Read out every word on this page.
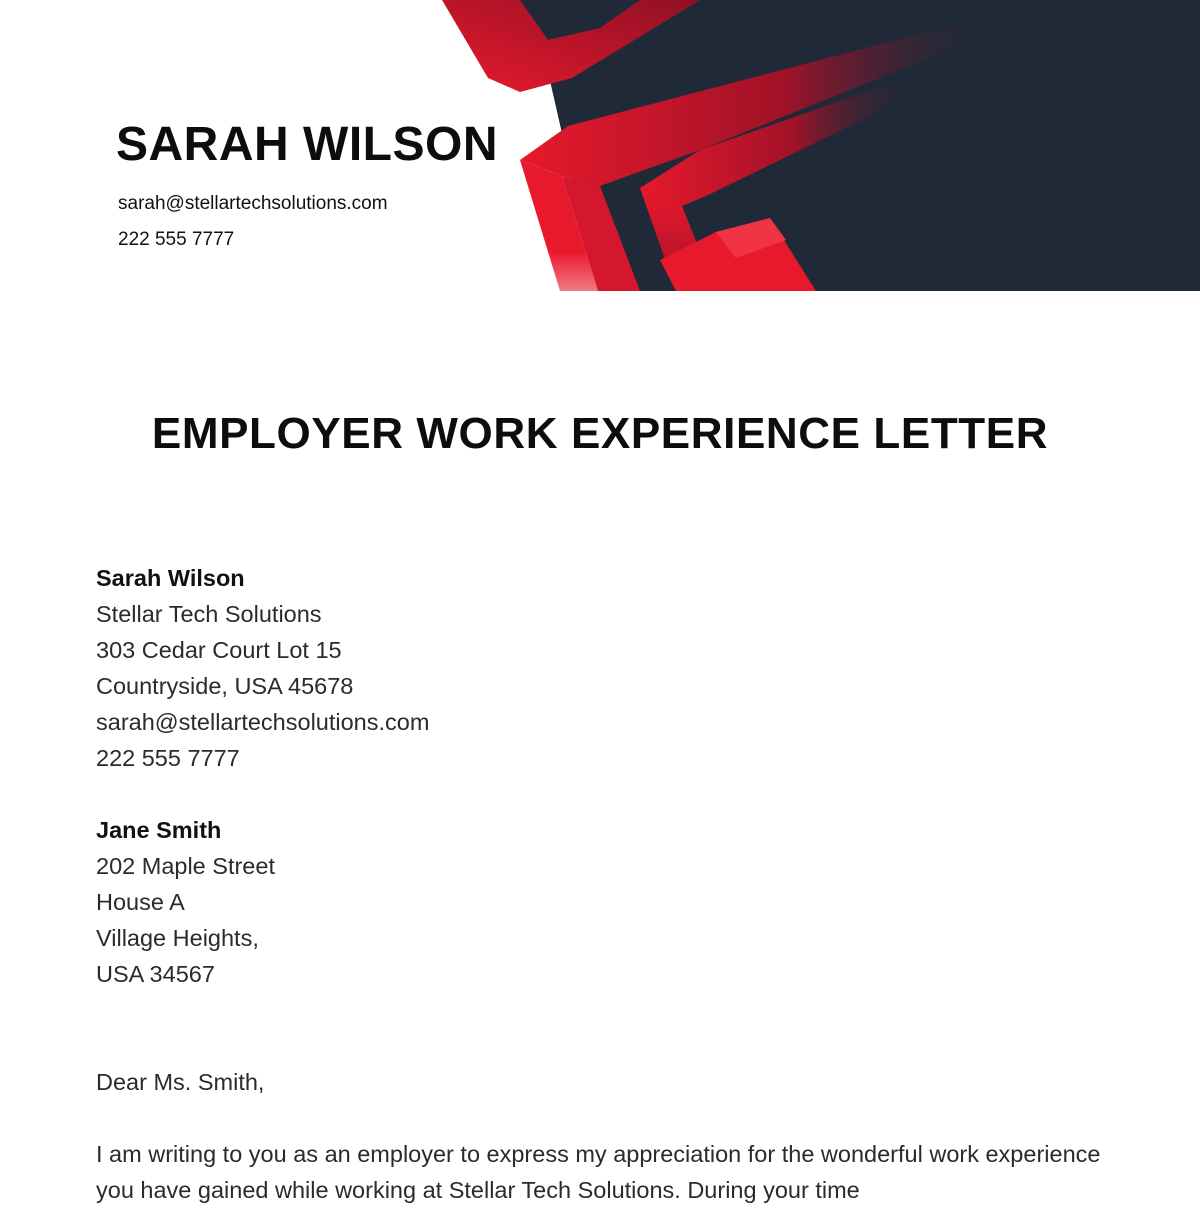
SARAH WILSON
sarah@stellartechsolutions.com
222 555 7777
EMPLOYER WORK EXPERIENCE LETTER
Sarah Wilson
Stellar Tech Solutions
303 Cedar Court Lot 15
Countryside, USA 45678
sarah@stellartechsolutions.com
222 555 7777
Jane Smith
202 Maple Street
House A
Village Heights,
USA 34567
Dear Ms. Smith,
I am writing to you as an employer to express my appreciation for the wonderful work experience you have gained while working at Stellar Tech Solutions. During your time
